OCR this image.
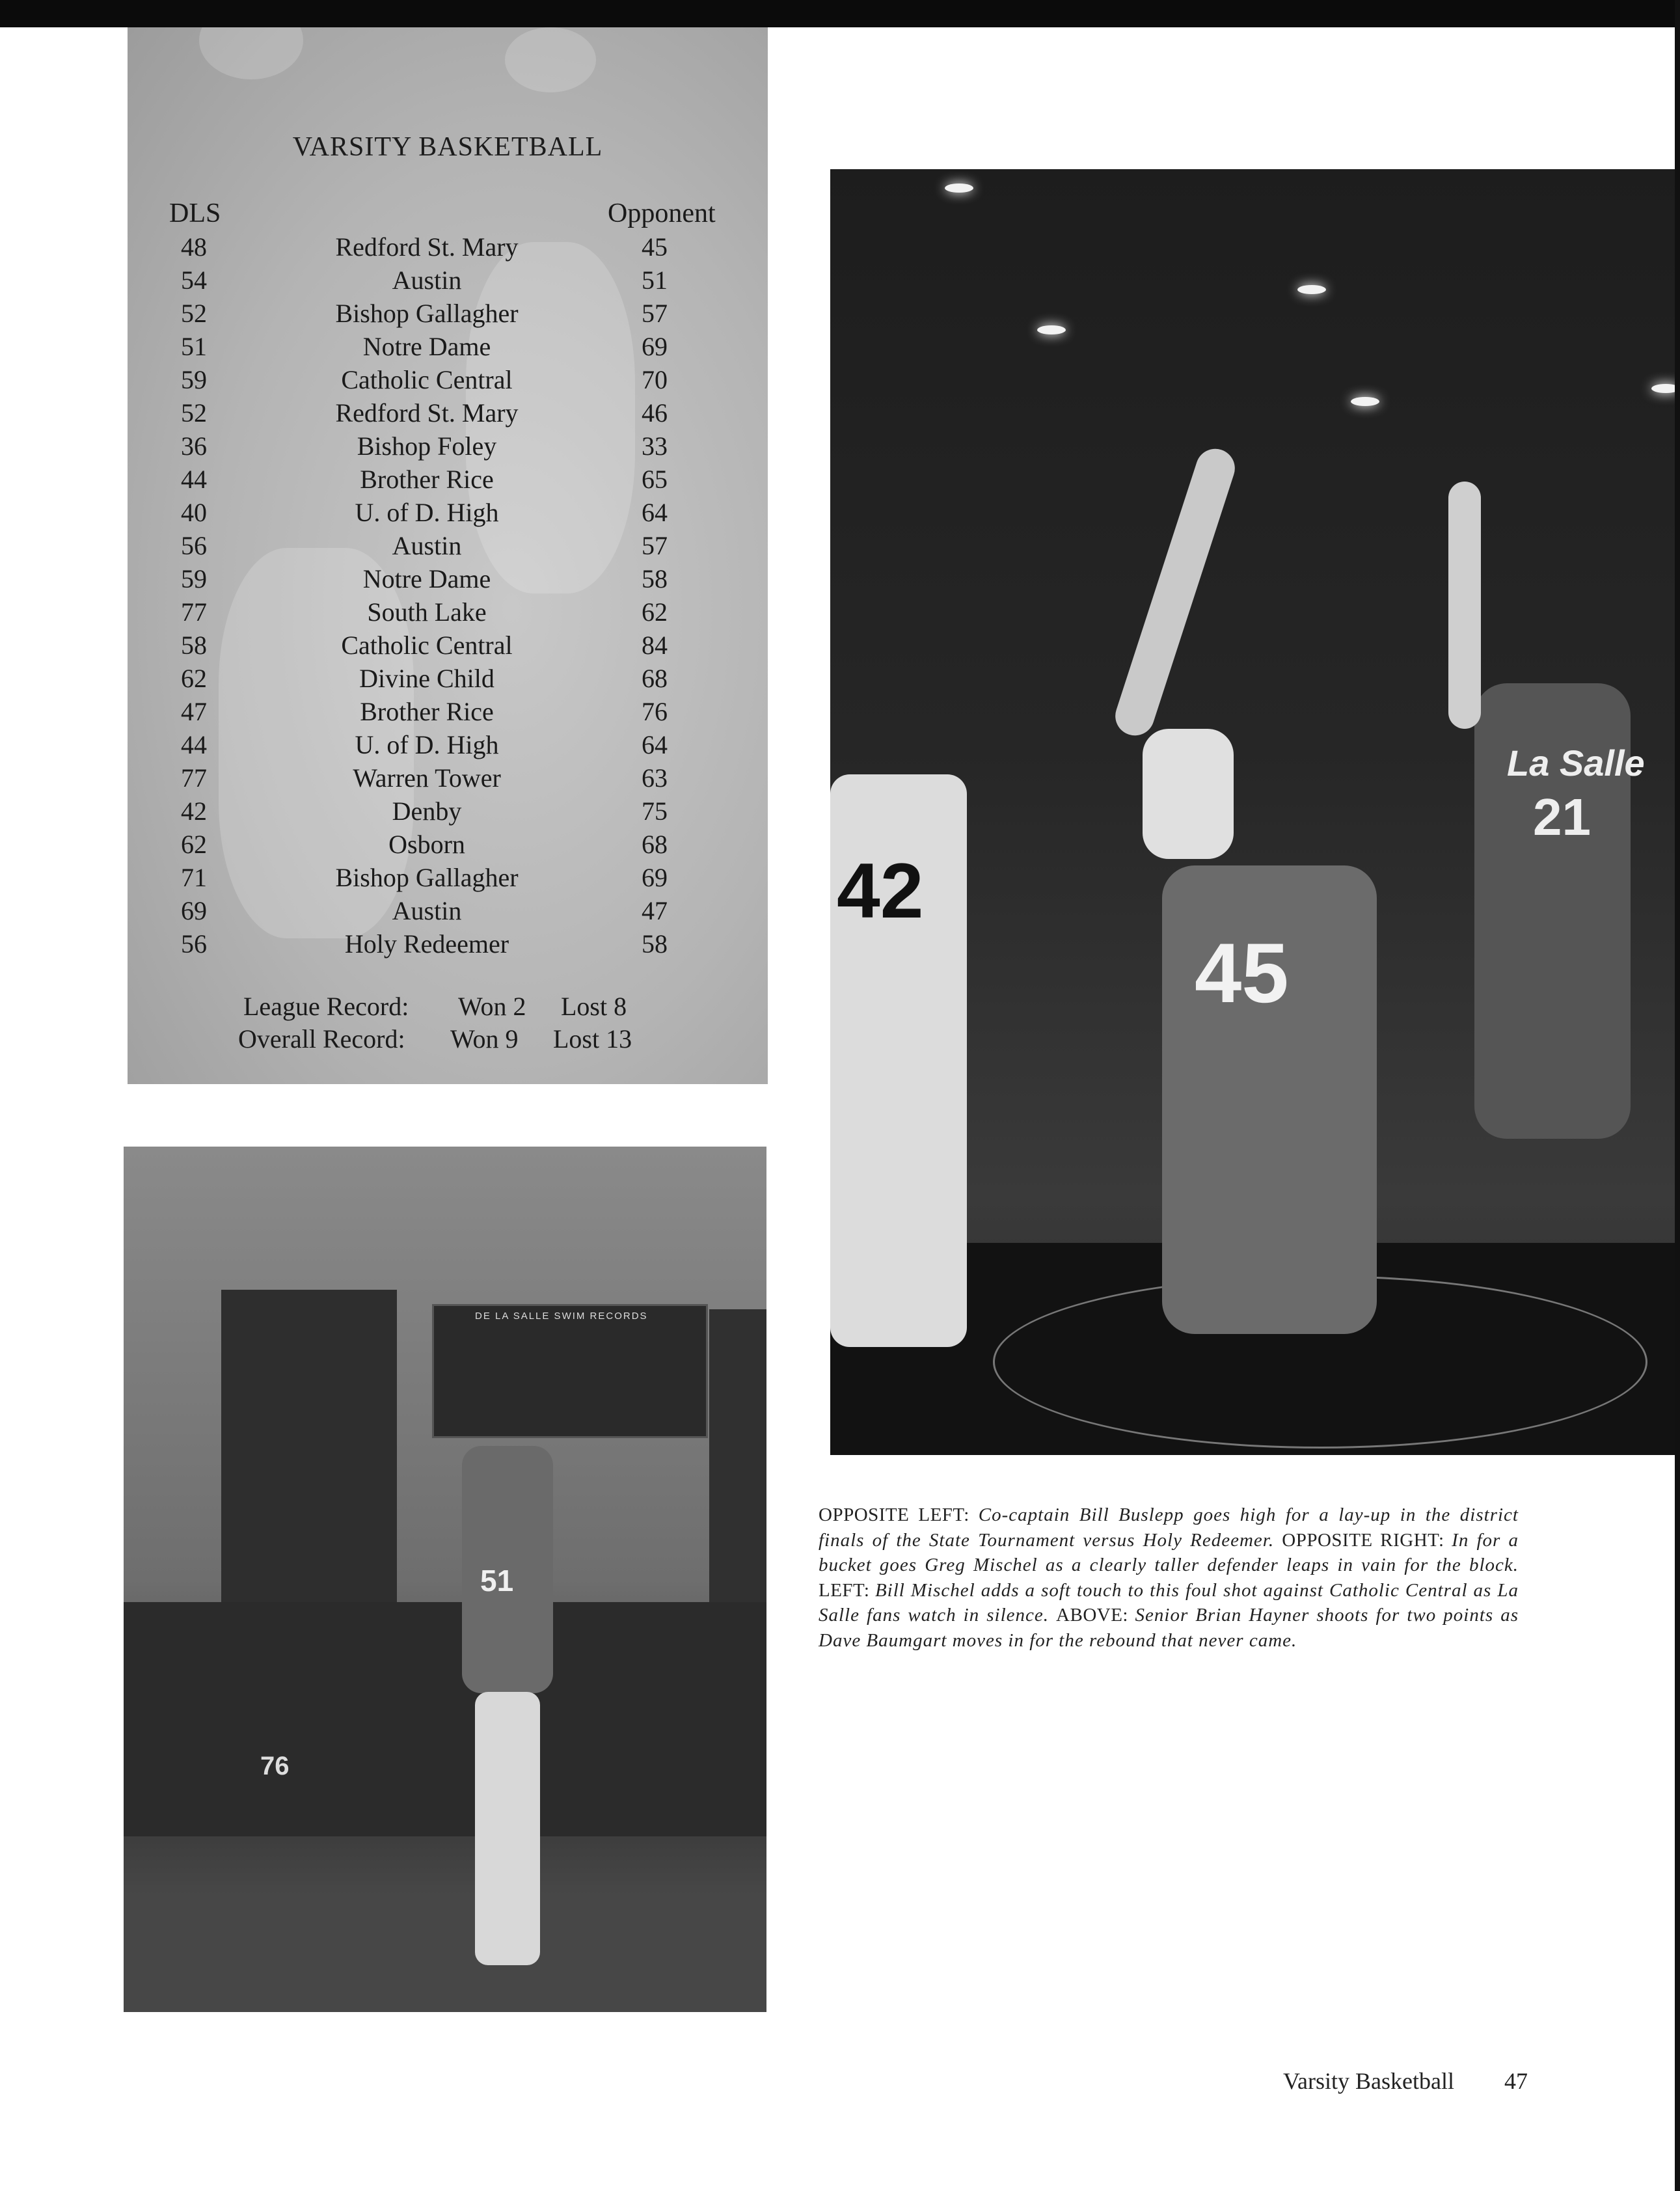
VARSITY BASKETBALL
DLS	Opponent
48	Redford St. Mary	45
54	Austin	51
52	Bishop Gallagher	57
51	Notre Dame	69
59	Catholic Central	70
52	Redford St. Mary	46
36	Bishop Foley	33
44	Brother Rice	65
40	U. of D. High	64
56	Austin	57
59	Notre Dame	58
77	South Lake	62
58	Catholic Central	84
62	Divine Child	68
47	Brother Rice	76
44	U. of D. High	64
77	Warren Tower	63
42	Denby	75
62	Osborn	68
71	Bishop Gallagher	69
69	Austin	47
56	Holy Redeemer	58
League Record: Won 2 Lost 8
Overall Record: Won 9 Lost 13
42
45
La Salle
21
DE LA SALLE SWIM RECORDS
76
51
OPPOSITE LEFT: Co-captain Bill Buslepp goes high for a lay-up in the district finals of the State Tournament versus Holy Redeemer. OPPOSITE RIGHT: In for a bucket goes Greg Mischel as a clearly taller defender leaps in vain for the block. LEFT: Bill Mischel adds a soft touch to this foul shot against Catholic Central as La Salle fans watch in silence. ABOVE: Senior Brian Hayner shoots for two points as Dave Baumgart moves in for the rebound that never came.
Varsity Basketball 47
